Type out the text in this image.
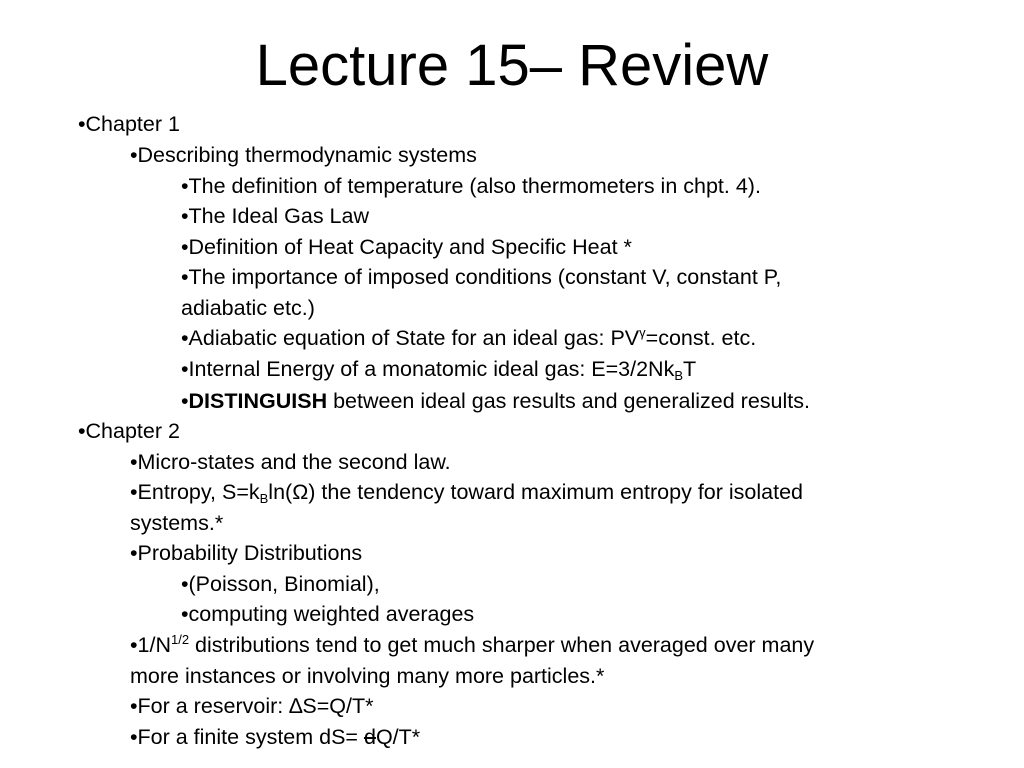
Lecture 15– Review
•Chapter 1
•Describing thermodynamic systems
•The definition of temperature (also thermometers in chpt. 4).
•The Ideal Gas Law
•Definition of Heat Capacity and Specific Heat *
•The importance of imposed conditions (constant V, constant P,
adiabatic etc.)
•Adiabatic equation of State for an ideal gas: $PV^\gamma=const$. etc.
•Internal Energy of a monatomic ideal gas: $E=3/2Nk_BT$
•DISTINGUISH between ideal gas results and generalized results.
•Chapter 2
•Micro-states and the second law.
•Entropy, $S=k_B\ln(\Omega)$ the tendency toward maximum entropy for isolated
systems.*
•Probability Distributions
•(Poisson, Binomial),
•computing weighted averages
$•1/N^{1/2}$ distributions tend to get much sharper when averaged over many
more instances or involving many more particles.*
•For a reservoir: ∆S=Q/T*
•For a finite system dS= dQ/T*
